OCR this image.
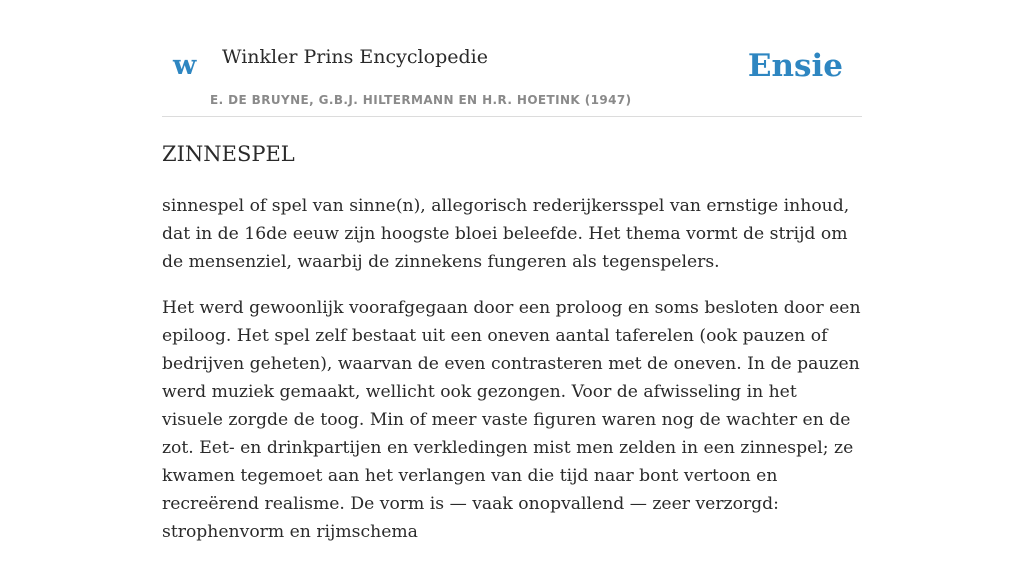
w Winkler Prins Encyclopedie
E. DE BRUYNE, G.B.J. HILTERMANN EN H.R. HOETINK (1947)
Ensie
ZINNESPEL

sinnespel of spel van sinne(n), allegorisch rederijkersspel van ernstige inhoud, dat in de 16de eeuw zijn hoogste bloei beleefde. Het thema vormt de strijd om de mensenziel, waarbij de zinnekens fungeren als tegenspelers.

Het werd gewoonlijk voorafgegaan door een proloog en soms besloten door een epiloog. Het spel zelf bestaat uit een oneven aantal taferelen (ook pauzen of bedrijven geheten), waarvan de even contrasteren met de oneven. In de pauzen werd muziek gemaakt, wellicht ook gezongen. Voor de afwisseling in het visuele zorgde de toog. Min of meer vaste figuren waren nog de wachter en de zot. Eet- en drinkpartijen en verkledingen mist men zelden in een zinnespel; ze kwamen tegemoet aan het verlangen van die tijd naar bont vertoon en recreërend realisme. De vorm is — vaak onopvallend — zeer verzorgd: strophenvorm en rijmschema
